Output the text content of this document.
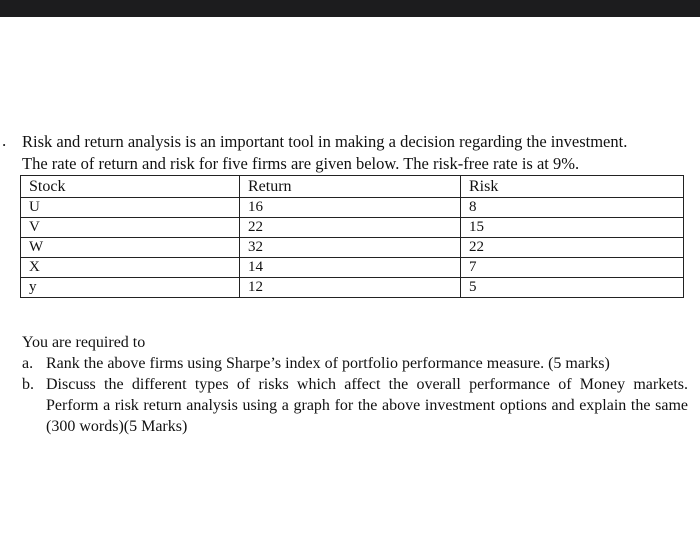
. Risk and return analysis is an important tool in making a decision regarding the investment.
The rate of return and risk for five firms are given below. The risk-free rate is at 9%.
Stock	Return	Risk
U	16	8
V	22	15
W	32	22
X	14	7
y	12	5
You are required to
a. Rank the above firms using Sharpe’s index of portfolio performance measure. (5 marks)
b. Discuss the different types of risks which affect the overall performance of Money markets. Perform a risk return analysis using a graph for the above investment options and explain the same (300 words)(5 Marks)
